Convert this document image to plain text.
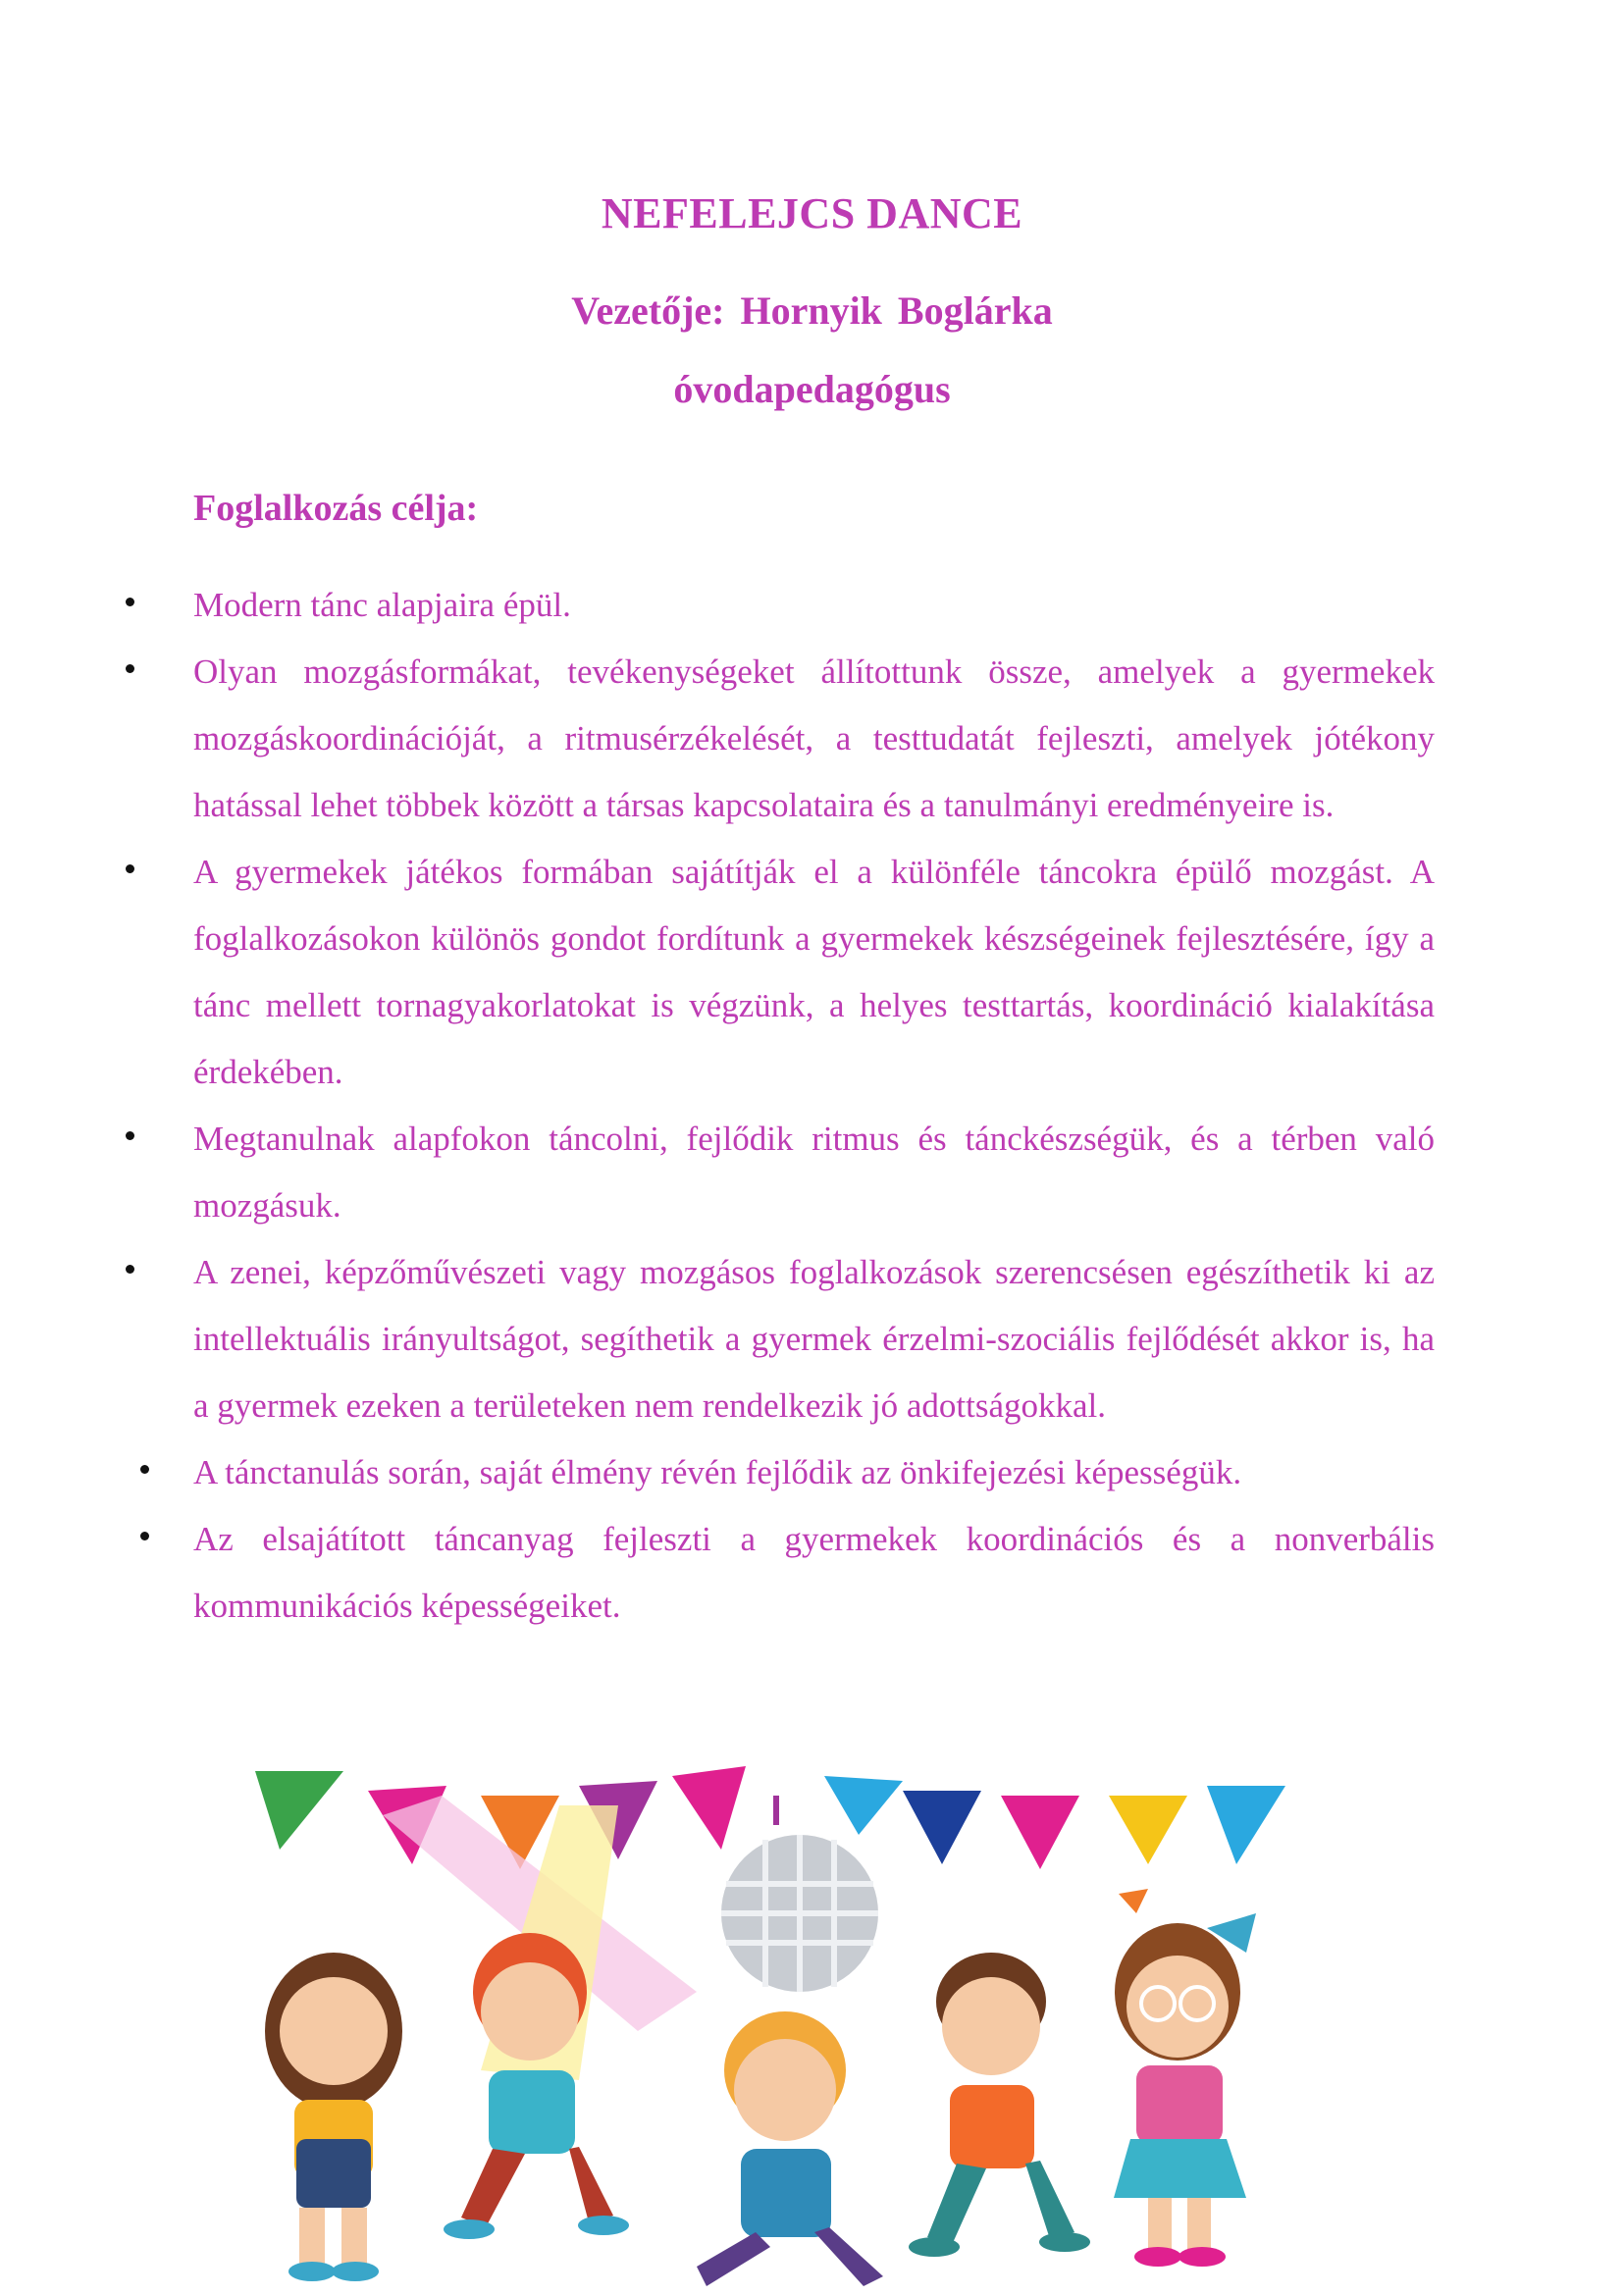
NEFELEJCS DANCE
Vezetője: Hornyik Boglárka
óvodapedagógus
Foglalkozás célja:

Modern tánc alapjaira épül.

Olyan mozgásformákat, tevékenységeket állítottunk össze, amelyek a gyermekek mozgáskoordinációját, a ritmusérzékelését, a testtudatát fejleszti, amelyek jótékony hatással lehet többek között a társas kapcsolataira és a tanulmányi eredményeire is.

A gyermekek játékos formában sajátítják el a különféle táncokra épülő mozgást. A foglalkozásokon különös gondot fordítunk a gyermekek készségeinek fejlesztésére, így a tánc mellett tornagyakorlatokat is végzünk, a helyes testtartás, koordináció kialakítása érdekében.

Megtanulnak alapfokon táncolni, fejlődik ritmus és tánckészségük, és a térben való mozgásuk.

A zenei, képzőművészeti vagy mozgásos foglalkozások szerencsésen egészíthetik ki az intellektuális irányultságot, segíthetik a gyermek érzelmi-szociális fejlődését akkor is, ha a gyermek ezeken a területeken nem rendelkezik jó adottságokkal.

A tánctanulás során, saját élmény révén fejlődik az önkifejezési képességük.

Az elsajátított táncanyag fejleszti a gyermekek koordinációs és a nonverbális kommunikációs képességeiket.
